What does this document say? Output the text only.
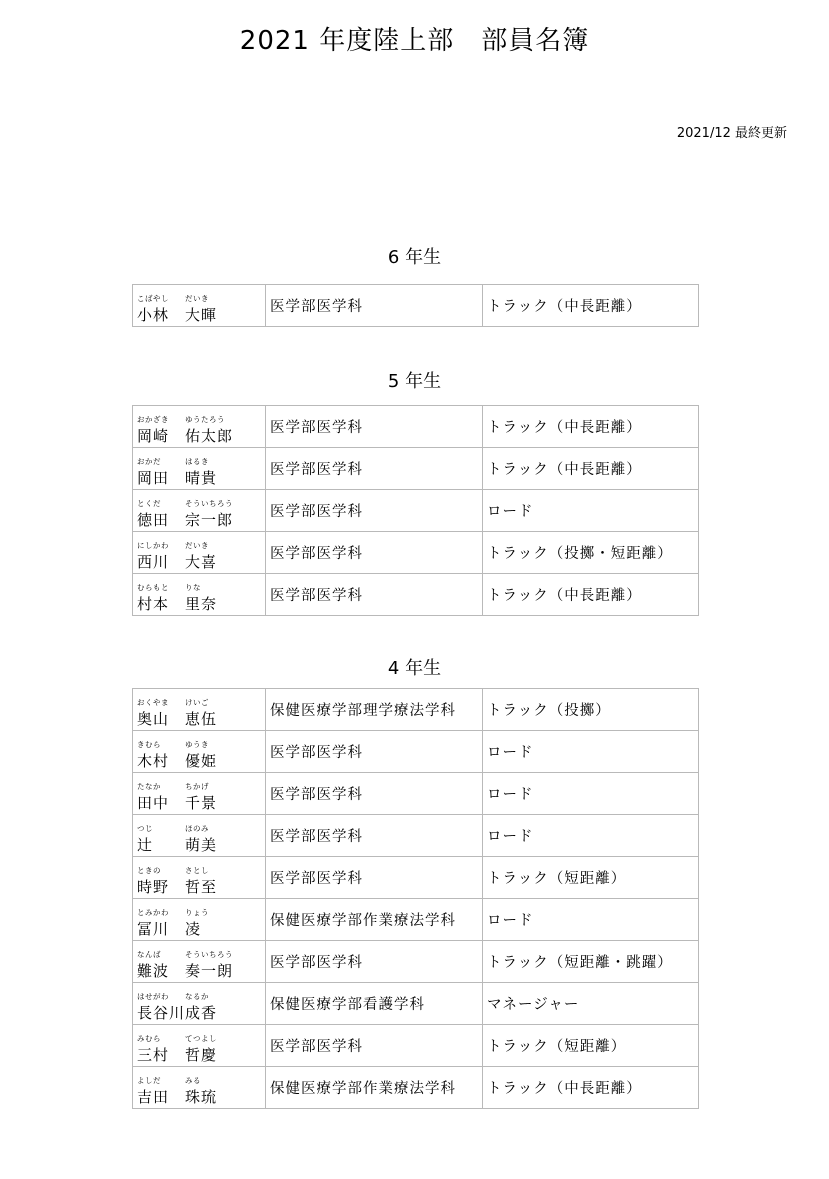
2021 年度陸上部　部員名簿
2021/12 最終更新
6 年生
こばやし だいき
小林 大暉	医学部医学科	トラック（中長距離）
5 年生
おかざき ゆうたろう
岡崎 佑太郎	医学部医学科	トラック（中長距離）

おかだ はるき
岡田 晴貴	医学部医学科	トラック（中長距離）

とくだ そういちろう
徳田 宗一郎	医学部医学科	ロード

にしかわ だいき
西川 大喜	医学部医学科	トラック（投擲・短距離）

むらもと りな
村本 里奈	医学部医学科	トラック（中長距離）
4 年生
おくやま けいご
奥山 恵伍	保健医療学部理学療法学科	トラック（投擲）

きむら ゆうき
木村 優姫	医学部医学科	ロード

たなか ちかげ
田中 千景	医学部医学科	ロード

つじ ほのみ
辻 萌美	医学部医学科	ロード

ときの さとし
時野 哲至	医学部医学科	トラック（短距離）

とみかわ りょう
冨川 凌	保健医療学部作業療法学科	ロード

なんば そういちろう
難波 奏一朗	医学部医学科	トラック（短距離・跳躍）

はせがわ なるか
長谷川 成香	保健医療学部看護学科	マネージャー

みむら てつよし
三村 哲慶	医学部医学科	トラック（短距離）

よしだ みる
吉田 珠琉	保健医療学部作業療法学科	トラック（中長距離）
